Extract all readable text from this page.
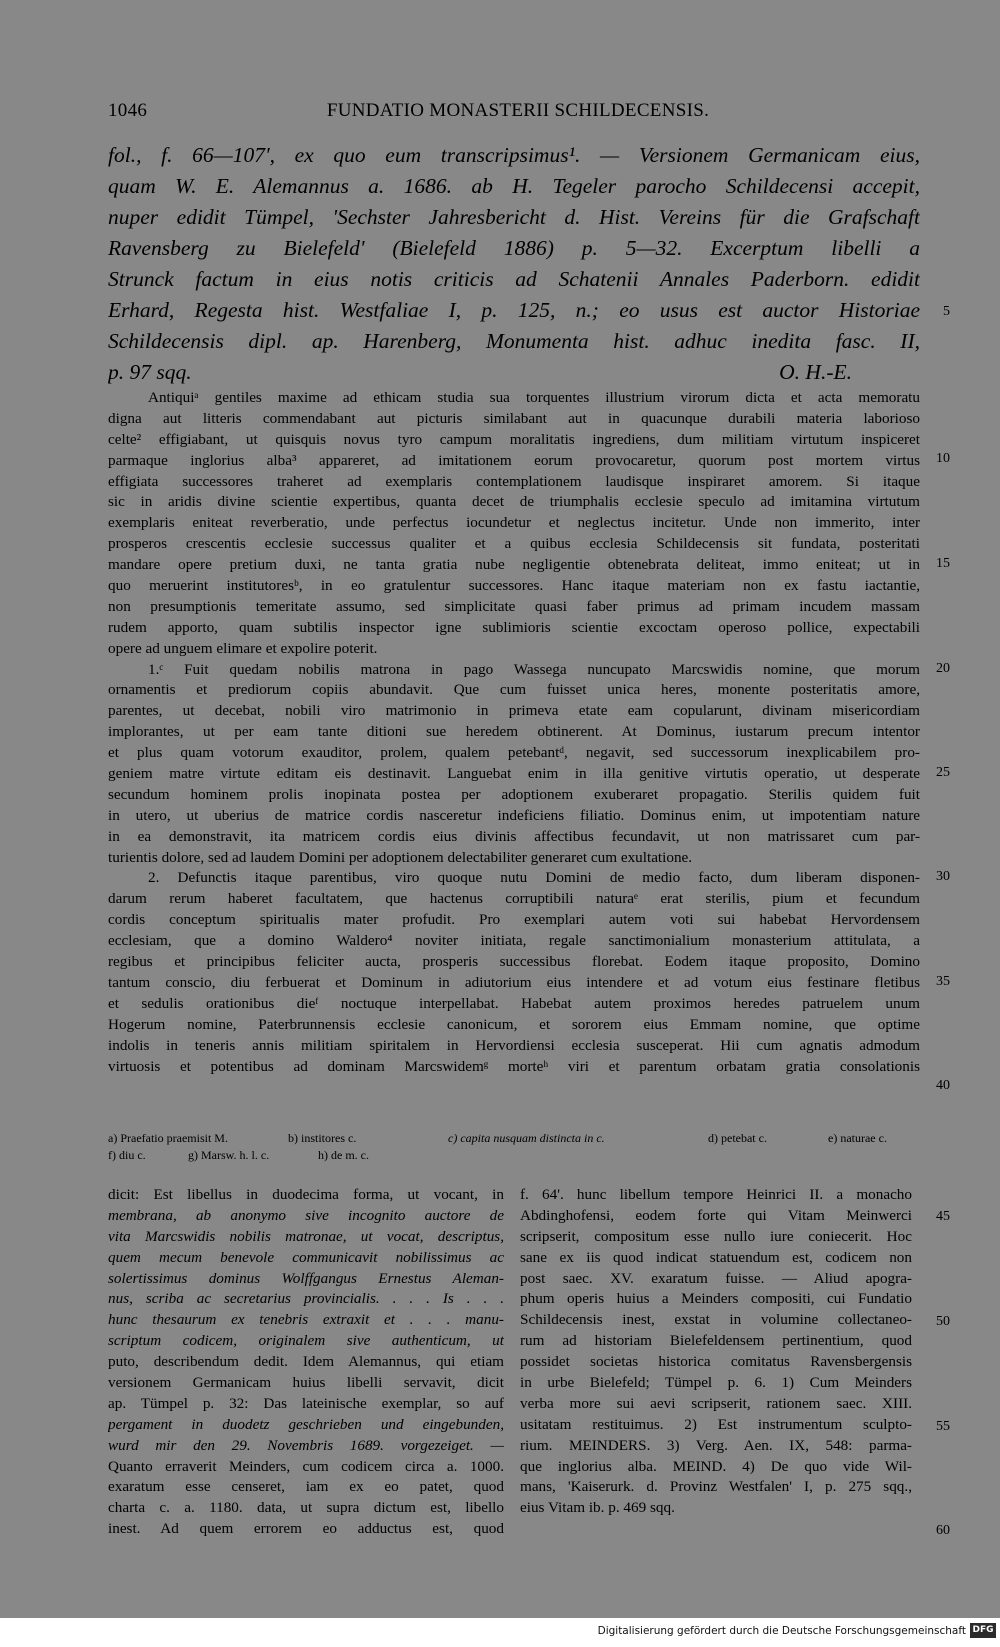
1046	FUNDATIO MONASTERII SCHILDECENSIS.
fol., f. 66—107', ex quo eum transcripsimus¹. — Versionem Germanicam eius,
quam W. E. Alemannus a. 1686. ab H. Tegeler parocho Schildecensi accepit,
nuper edidit Tümpel, 'Sechster Jahresbericht d. Hist. Vereins für die Grafschaft
Ravensberg zu Bielefeld' (Bielefeld 1886) p. 5—32. Excerptum libelli a
Strunck factum in eius notis criticis ad Schatenii Annales Paderborn. edidit
Erhard, Regesta hist. Westfaliae I, p. 125, n.; eo usus est auctor Historiae
Schildecensis dipl. ap. Harenberg, Monumenta hist. adhuc inedita fasc. II,
p. 97 sqq.	O. H.-E.
5
Antiquiᵃ gentiles maxime ad ethicam studia sua torquentes illustrium virorum dicta et acta memoratu
digna aut litteris commendabant aut picturis similabant aut in quacunque durabili materia laborioso
celte² effigiabant, ut quisquis novus tyro campum moralitatis ingrediens, dum militiam virtutum inspiceret
parmaque inglorius alba³ appareret, ad imitationem eorum provocaretur, quorum post mortem virtus
effigiata successores traheret ad exemplaris contemplationem laudisque inspiraret amorem. Si itaque
sic in aridis divine scientie expertibus, quanta decet de triumphalis ecclesie speculo ad imitamina virtutum
exemplaris eniteat reverberatio, unde perfectus iocundetur et neglectus incitetur. Unde non immerito, inter
prosperos crescentis ecclesie successus qualiter et a quibus ecclesia Schildecensis sit fundata, posteritati
mandare opere pretium duxi, ne tanta gratia nube negligentie obtenebrata deliteat, immo eniteat; ut in
quo meruerint institutoresᵇ, in eo gratulentur successores. Hanc itaque materiam non ex fastu iactantie,
non presumptionis temeritate assumo, sed simplicitate quasi faber primus ad primam incudem massam
rudem apporto, quam subtilis inspector igne sublimioris scientie excoctam operoso pollice, expectabili
opere ad unguem elimare et expolire poterit.
1.ᶜ Fuit quedam nobilis matrona in pago Wassega nuncupato Marcswidis nomine, que morum
ornamentis et prediorum copiis abundavit. Que cum fuisset unica heres, monente posteritatis amore,
parentes, ut decebat, nobili viro matrimonio in primeva etate eam copularunt, divinam misericordiam
implorantes, ut per eam tante ditioni sue heredem obtinerent. At Dominus, iustarum precum intentor
et plus quam votorum exauditor, prolem, qualem petebantᵈ, negavit, sed successorum inexplicabilem pro-
geniem matre virtute editam eis destinavit. Languebat enim in illa genitive virtutis operatio, ut desperate
secundum hominem prolis inopinata postea per adoptionem exuberaret propagatio. Sterilis quidem fuit
in utero, ut uberius de matrice cordis nasceretur indeficiens filiatio. Dominus enim, ut impotentiam nature
in ea demonstravit, ita matricem cordis eius divinis affectibus fecundavit, ut non matrissaret cum par-
turientis dolore, sed ad laudem Domini per adoptionem delectabiliter generaret cum exultatione.
2. Defunctis itaque parentibus, viro quoque nutu Domini de medio facto, dum liberam disponen-
darum rerum haberet facultatem, que hactenus corruptibili naturaᵉ erat sterilis, pium et fecundum
cordis conceptum spiritualis mater profudit. Pro exemplari autem voti sui habebat Hervordensem
ecclesiam, que a domino Waldero⁴ noviter initiata, regale sanctimonialium monasterium attitulata, a
regibus et principibus feliciter aucta, prosperis successibus florebat. Eodem itaque proposito, Domino
tantum conscio, diu ferbuerat et Dominum in adiutorium eius intendere et ad votum eius festinare fletibus
et sedulis orationibus dieᶠ noctuque interpellabat. Habebat autem proximos heredes patruelem unum
Hogerum nomine, Paterbrunnensis ecclesie canonicum, et sororem eius Emmam nomine, que optime
indolis in teneris annis militiam spiritalem in Hervordiensi ecclesia susceperat. Hii cum agnatis admodum
virtuosis et potentibus ad dominam Marcswidemᵍ morteʰ viri et parentum orbatam gratia consolationis
10
15
20
25
30
35
40
a) Praefatio praemisit M.	b) institores c.	c) capita nusquam distincta in c.	d) petebat c.	e) naturae c.
f) diu c.	g) Marsw. h. l. c.	h) de m. c.
dicit: Est libellus in duodecima forma, ut vocant, in
membrana, ab anonymo sive incognito auctore de
vita Marcswidis nobilis matronae, ut vocat, descriptus,
quem mecum benevole communicavit nobilissimus ac
solertissimus dominus Wolffgangus Ernestus Aleman-
nus, scriba ac secretarius provincialis. . . . Is . . .
hunc thesaurum ex tenebris extraxit et . . . manu-
scriptum codicem, originalem sive authenticum, ut
puto, describendum dedit. Idem Alemannus, qui etiam
versionem Germanicam huius libelli servavit, dicit
ap. Tümpel p. 32: Das lateinische exemplar, so auf
pergament in duodetz geschrieben und eingebunden,
wurd mir den 29. Novembris 1689. vorgezeiget. —
Quanto erraverit Meinders, cum codicem circa a. 1000.
exaratum esse censeret, iam ex eo patet, quod
charta c. a. 1180. data, ut supra dictum est, libello
inest. Ad quem errorem eo adductus est, quod
f. 64'. hunc libellum tempore Heinrici II. a monacho
Abdinghofensi, eodem forte qui Vitam Meinwerci
scripserit, compositum esse nullo iure coniecerit. Hoc
sane ex iis quod indicat statuendum est, codicem non
post saec. XV. exaratum fuisse. — Aliud apogra-
phum operis huius a Meinders compositi, cui Fundatio
Schildecensis inest, exstat in volumine collectaneo-
rum ad historiam Bielefeldensem pertinentium, quod
possidet societas historica comitatus Ravensbergensis
in urbe Bielefeld; Tümpel p. 6. 1) Cum Meinders
verba more sui aevi scripserit, rationem saec. XIII.
usitatam restituimus. 2) Est instrumentum sculpto-
rium. MEINDERS. 3) Verg. Aen. IX, 548: parma-
que inglorius alba. MEIND. 4) De quo vide Wil-
mans, 'Kaiserurk. d. Provinz Westfalen' I, p. 275 sqq.,
eius Vitam ib. p. 469 sqq.
45
50
55
60
Digitalisierung gefördert durch die Deutsche Forschungsgemeinschaft DFG
